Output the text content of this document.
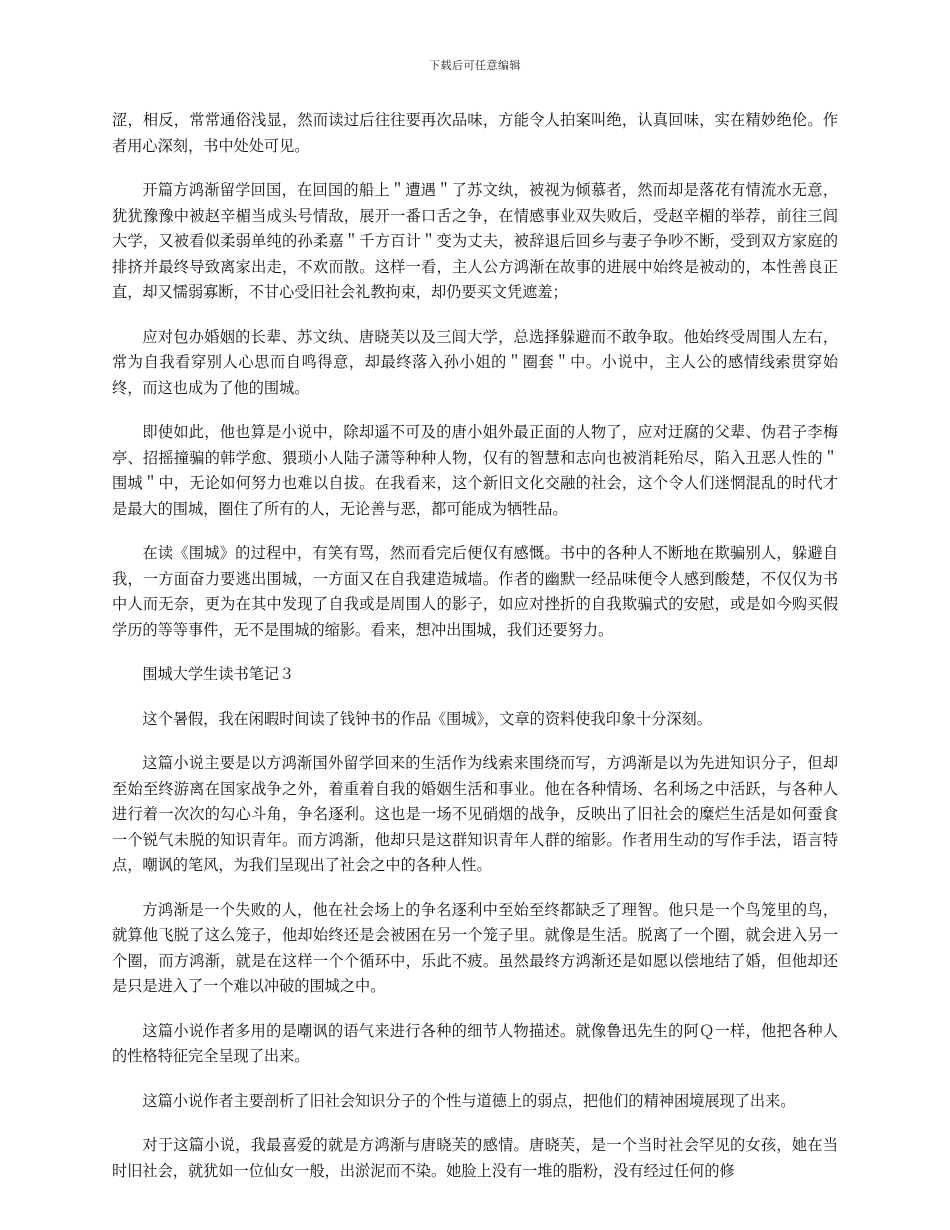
下载后可任意编辑

涩，相反，常常通俗浅显，然而读过后往往要再次品味，方能令人拍案叫绝，认真回味，实在精妙绝伦。作者用心深刻，书中处处可见。

开篇方鸿渐留学回国，在回国的船上＂遭遇＂了苏文纨，被视为倾慕者，然而却是落花有情流水无意，犹犹豫豫中被赵辛楣当成头号情敌，展开一番口舌之争，在情感事业双失败后，受赵辛楣的举荐，前往三闾大学，又被看似柔弱单纯的孙柔嘉＂千方百计＂变为丈夫，被辞退后回乡与妻子争吵不断，受到双方家庭的排挤并最终导致离家出走，不欢而散。这样一看，主人公方鸿渐在故事的进展中始终是被动的，本性善良正直，却又懦弱寡断，不甘心受旧社会礼教拘束，却仍要买文凭遮羞；

应对包办婚姻的长辈、苏文纨、唐晓芙以及三闾大学，总选择躲避而不敢争取。他始终受周围人左右，常为自我看穿别人心思而自鸣得意，却最终落入孙小姐的＂圈套＂中。小说中，主人公的感情线索贯穿始终，而这也成为了他的围城。

即使如此，他也算是小说中，除却遥不可及的唐小姐外最正面的人物了，应对迂腐的父辈、伪君子李梅亭、招摇撞骗的韩学愈、猥琐小人陆子潇等种种人物，仅有的智慧和志向也被消耗殆尽，陷入丑恶人性的＂围城＂中，无论如何努力也难以自拔。在我看来，这个新旧文化交融的社会，这个令人们迷惘混乱的时代才是最大的围城，圈住了所有的人，无论善与恶，都可能成为牺牲品。

在读《围城》的过程中，有笑有骂，然而看完后便仅有感慨。书中的各种人不断地在欺骗别人，躲避自我，一方面奋力要逃出围城，一方面又在自我建造城墙。作者的幽默一经品味便令人感到酸楚，不仅仅为书中人而无奈，更为在其中发现了自我或是周围人的影子，如应对挫折的自我欺骗式的安慰，或是如今购买假学历的等等事件，无不是围城的缩影。看来，想冲出围城，我们还要努力。

围城大学生读书笔记３

这个暑假，我在闲暇时间读了钱钟书的作品《围城》，文章的资料使我印象十分深刻。

这篇小说主要是以方鸿渐国外留学回来的生活作为线索来围绕而写，方鸿渐是以为先进知识分子，但却至始至终游离在国家战争之外，着重着自我的婚姻生活和事业。他在各种情场、名利场之中活跃，与各种人进行着一次次的勾心斗角，争名逐利。这也是一场不见硝烟的战争，反映出了旧社会的糜烂生活是如何蚕食一个锐气未脱的知识青年。而方鸿渐，他却只是这群知识青年人群的缩影。作者用生动的写作手法，语言特点，嘲讽的笔风，为我们呈现出了社会之中的各种人性。

方鸿渐是一个失败的人，他在社会场上的争名逐利中至始至终都缺乏了理智。他只是一个鸟笼里的鸟，就算他飞脱了这么笼子，他却始终还是会被困在另一个笼子里。就像是生活。脱离了一个圈，就会进入另一个圈，而方鸿渐，就是在这样一个个循环中，乐此不疲。虽然最终方鸿渐还是如愿以偿地结了婚，但他却还是只是进入了一个难以冲破的围城之中。

这篇小说作者多用的是嘲讽的语气来进行各种的细节人物描述。就像鲁迅先生的阿Ｑ一样，他把各种人的性格特征完全呈现了出来。

这篇小说作者主要剖析了旧社会知识分子的个性与道德上的弱点，把他们的精神困境展现了出来。

对于这篇小说，我最喜爱的就是方鸿渐与唐晓芙的感情。唐晓芙，是一个当时社会罕见的女孩，她在当时旧社会，就犹如一位仙女一般，出淤泥而不染。她脸上没有一堆的脂粉，没有经过任何的修
